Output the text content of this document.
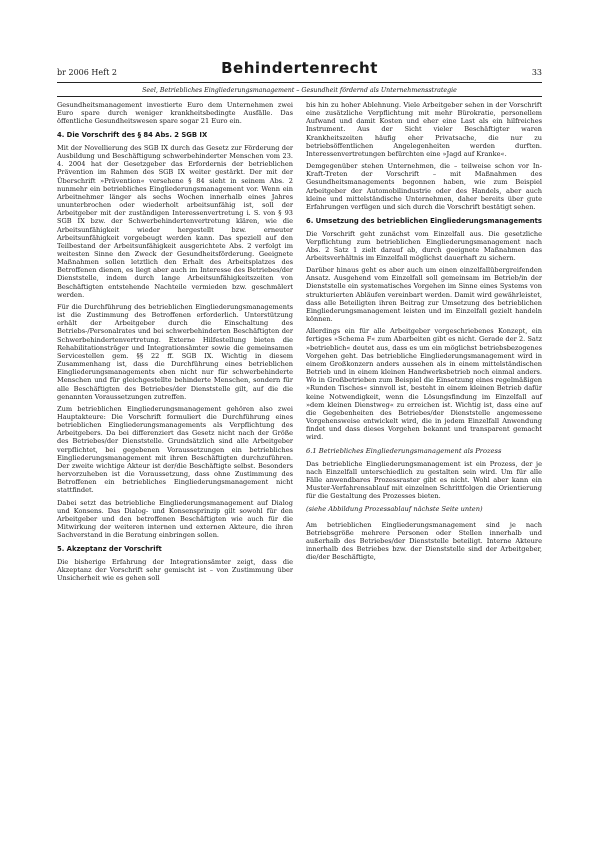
br 2006 Heft 2	Behindertenrecht	33
Seel, Betriebliches Eingliederungsmanagement – Gesundheit fördernd als Unternehmensstrategie

Gesundheitsmanagement investierte Euro dem Unternehmen zwei Euro spare durch weniger krankheitsbedingte Ausfälle. Das öffentliche Gesundheitswesen spare sogar 21 Euro ein.

4. Die Vorschrift des § 84 Abs. 2 SGB IX

Mit der Novellierung des SGB IX durch das Gesetz zur Förderung der Ausbildung und Beschäftigung schwerbehinderter Menschen vom 23. 4. 2004 hat der Gesetzgeber das Erfordernis der betrieblichen Prävention im Rahmen des SGB IX weiter gestärkt. Der mit der Überschrift »Prävention« versehene § 84 sieht in seinem Abs. 2 nunmehr ein betriebliches Eingliederungsmanagement vor. Wenn ein Arbeitnehmer länger als sechs Wochen innerhalb eines Jahres ununterbrochen oder wiederholt arbeitsunfähig ist, soll der Arbeitgeber mit der zuständigen Interessenvertretung i. S. von § 93 SGB IX bzw. der Schwerbehindertenvertretung klären, wie die Arbeitsunfähigkeit wieder hergestellt bzw. erneuter Arbeitsunfähigkeit vorgebeugt werden kann. Das speziell auf den Teilbestand der Arbeitsunfähigkeit ausgerichtete Abs. 2 verfolgt im weitesten Sinne den Zweck der Gesundheitsförderung. Geeignete Maßnahmen sollen letztlich den Erhalt des Arbeitsplatzes des Betroffenen dienen, es liegt aber auch im Interesse des Betriebes/der Dienststelle, indem durch lange Arbeitsunfähigkeitszeiten von Beschäftigten entstehende Nachteile vermieden bzw. geschmälert werden.

Für die Durchführung des betrieblichen Eingliederungsmanagements ist die Zustimmung des Betroffenen erforderlich. Unterstützung erhält der Arbeitgeber durch die Einschaltung des Betriebs-/Personalrates und bei schwerbehinderten Beschäftigten der Schwerbehindertenvertretung. Externe Hilfestellung bieten die Rehabilitationsträger und Integrationsämter sowie die gemeinsamen Servicestellen gem. §§ 22 ff. SGB IX. Wichtig in diesem Zusammenhang ist, dass die Durchführung eines betrieblichen Eingliederungsmanagements eben nicht nur für schwerbehinderte Menschen und für gleichgestellte behinderte Menschen, sondern für alle Beschäftigten des Betriebes/der Dienststelle gilt, auf die die genannten Voraussetzungen zutreffen.

Zum betrieblichen Eingliederungsmanagement gehören also zwei Hauptakteure: Die Vorschrift formuliert die Durchführung eines betrieblichen Eingliederungsmanagements als Verpflichtung des Arbeitgebers. Da bei differenziert das Gesetz nicht nach der Größe des Betriebes/der Dienststelle. Grundsätzlich sind alle Arbeitgeber verpflichtet, bei gegebenen Voraussetzungen ein betriebliches Eingliederungsmanagement mit ihren Beschäftigten durchzuführen. Der zweite wichtige Akteur ist der/die Beschäftigte selbst. Besonders hervorzuheben ist die Voraussetzung, dass ohne Zustimmung des Betroffenen ein betriebliches Eingliederungsmanagement nicht stattfindet.

Dabei setzt das betriebliche Eingliederungsmanagement auf Dialog und Konsens. Das Dialog- und Konsensprinzip gilt sowohl für den Arbeitgeber und den betroffenen Beschäftigten wie auch für die Mitwirkung der weiteren internen und externen Akteure, die ihren Sachverstand in die Beratung einbringen sollen.

5. Akzeptanz der Vorschrift

Die bisherige Erfahrung der Integrationsämter zeigt, dass die Akzeptanz der Vorschrift sehr gemischt ist – von Zustimmung über Unsicherheit wie es gehen soll

bis hin zu hoher Ablehnung. Viele Arbeitgeber sehen in der Vorschrift eine zusätzliche Verpflichtung mit mehr Bürokratie, personellem Aufwand und damit Kosten und eher eine Last als ein hilfreiches Instrument. Aus der Sicht vieler Beschäftigter waren Krankheitszeiten häufig eher Privatsache, die nur zu betriebsöffentlichen Angelegenheiten werden durften. Interessenvertretungen befürchten eine »Jagd auf Kranke«.

Demgegenüber stehen Unternehmen, die – teilweise schon vor In-Kraft-Treten der Vorschrift – mit Maßnahmen des Gesundheitsmanagements begonnen haben, wie zum Beispiel Arbeitgeber der Automobilindustrie oder des Handels, aber auch kleine und mittelständische Unternehmen, daher bereits über gute Erfahrungen verfügen und sich durch die Vorschrift bestätigt sehen.

6. Umsetzung des betrieblichen Eingliederungsmanagements

Die Vorschrift geht zunächst vom Einzelfall aus. Die gesetzliche Verpflichtung zum betrieblichen Eingliederungsmanagement nach Abs. 2 Satz 1 zielt darauf ab, durch geeignete Maßnahmen das Arbeitsverhältnis im Einzelfall möglichst dauerhaft zu sichern.

Darüber hinaus geht es aber auch um einen einzelfallübergreifenden Ansatz. Ausgehend vom Einzelfall soll gemeinsam im Betrieb/in der Dienststelle ein systematisches Vorgehen im Sinne eines Systems von strukturierten Abläufen vereinbart werden. Damit wird gewährleistet, dass alle Beteiligten ihren Beitrag zur Umsetzung des betrieblichen Eingliederungsmanagement leisten und im Einzelfall gezielt handeln können.

Allerdings ein für alle Arbeitgeber vorgeschriebenes Konzept, ein fertiges »Schema F« zum Abarbeiten gibt es nicht. Gerade der 2. Satz »betrieblich« deutet aus, dass es um ein möglichst betriebsbezogenes Vorgehen geht. Das betriebliche Eingliederungsmanagement wird in einem Großkonzern anders aussehen als in einem mittelständischen Betrieb und in einem kleinen Handwerksbetrieb noch einmal anders. Wo in Großbetrieben zum Beispiel die Einsetzung eines regelmäßigen »Runden Tisches« sinnvoll ist, besteht in einem kleinen Betrieb dafür keine Notwendigkeit, wenn die Lösungsfindung im Einzelfall auf »dem kleinen Dienstweg« zu erreichen ist. Wichtig ist, dass eine auf die Gegebenheiten des Betriebes/der Dienststelle angemessene Vorgehensweise entwickelt wird, die in jedem Einzelfall Anwendung findet und dass dieses Vorgehen bekannt und transparent gemacht wird.

6.1 Betriebliches Eingliederungsmanagement als Prozess

Das betriebliche Eingliederungsmanagement ist ein Prozess, der je nach Einzelfall unterschiedlich zu gestalten sein wird. Um für alle Fälle anwendbares Prozessraster gibt es nicht. Wohl aber kann ein Muster-Verfahrensablauf mit einzelnen Schrittfolgen die Orientierung für die Gestaltung des Prozesses bieten.

(siehe Abbildung Prozessablauf nächste Seite unten)

Am betrieblichen Eingliederungsmanagement sind je nach Betriebsgröße mehrere Personen oder Stellen innerhalb und außerhalb des Betriebes/der Dienststelle beteiligt. Interne Akteure innerhalb des Betriebes bzw. der Dienststelle sind der Arbeitgeber, die/der Beschäftigte,
